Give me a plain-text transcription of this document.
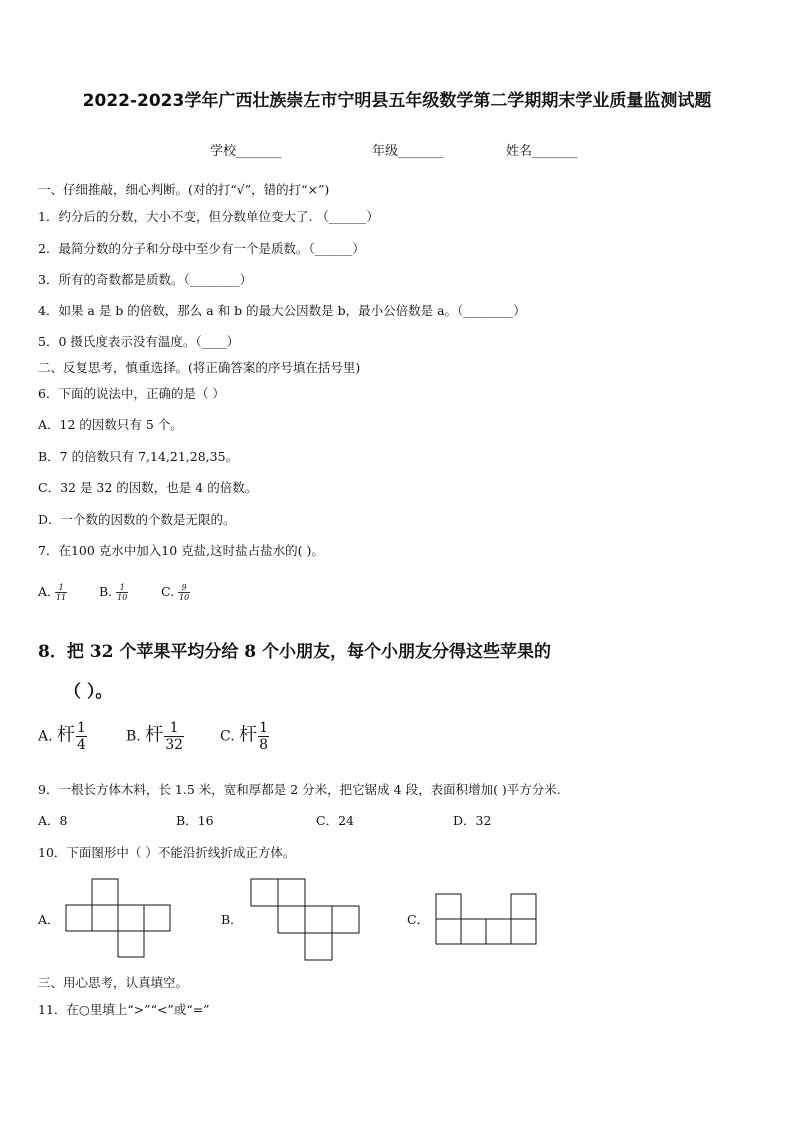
2022-2023学年广西壮族崇左市宁明县五年级数学第二学期期末学业质量监测试题
学校_______	年级_______	姓名_______
一、仔细推敲，细心判断。(对的打“√”，错的打“×”)
1．约分后的分数，大小不变，但分数单位变大了. （______）
2．最简分数的分子和分母中至少有一个是质数。（______）
3．所有的奇数都是质数。（________）
4．如果 a 是 b 的倍数，那么 a 和 b 的最大公因数是 b，最小公倍数是 a。（________）
5．0 摄氏度表示没有温度。（____）
二、反复思考，慎重选择。(将正确答案的序号填在括号里)
6．下面的说法中，正确的是（ ）
A．12 的因数只有 5 个。
B．7 的倍数只有 7,14,21,28,35。
C．32 是 32 的因数，也是 4 的倍数。
D．一个数的因数的个数是无限的。
7．在100 克水中加入10 克盐,这时盐占盐水的( )。
A. $\frac{1}{11}$	B. $\frac{1}{10}$	C. $\frac{9}{10}$
8．把 32 个苹果平均分给 8 个小朋友，每个小朋友分得这些苹果的
（ ）。
A. 杆 $\frac{1}{4}$	B. 杆 $\frac{1}{32}$	C. 杆 $\frac{1}{8}$
9．一根长方体木料，长 1.5 米，宽和厚都是 2 分米，把它锯成 4 段，表面积增加( )平方分米.
A．8	B．16	C．24	D．32
10．下面图形中（ ）不能沿折线折成正方体。
A．	B．	C．
三、用心思考，认真填空。
11．在○里填上“>”“<”或“=”
